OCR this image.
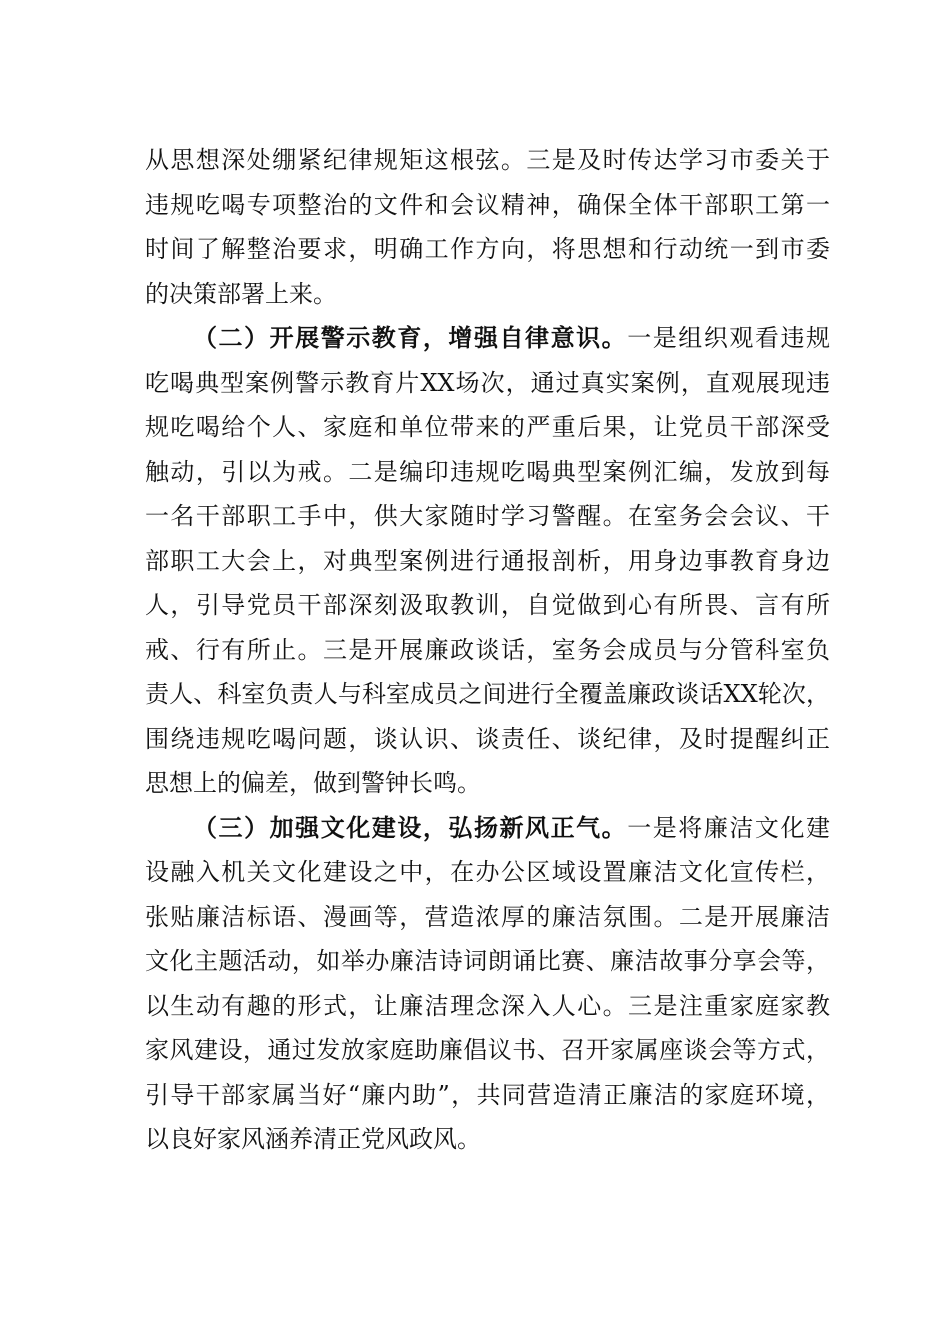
从思想深处绷紧纪律规矩这根弦。三是及时传达学习市委关于
违规吃喝专项整治的文件和会议精神，确保全体干部职工第一
时间了解整治要求，明确工作方向，将思想和行动统一到市委
的决策部署上来。
（二）开展警示教育，增强自律意识。一是组织观看违规
吃喝典型案例警示教育片XX场次，通过真实案例，直观展现违
规吃喝给个人、家庭和单位带来的严重后果，让党员干部深受
触动，引以为戒。二是编印违规吃喝典型案例汇编，发放到每
一名干部职工手中，供大家随时学习警醒。在室务会会议、干
部职工大会上，对典型案例进行通报剖析，用身边事教育身边
人，引导党员干部深刻汲取教训，自觉做到心有所畏、言有所
戒、行有所止。三是开展廉政谈话，室务会成员与分管科室负
责人、科室负责人与科室成员之间进行全覆盖廉政谈话XX轮次，
围绕违规吃喝问题，谈认识、谈责任、谈纪律，及时提醒纠正
思想上的偏差，做到警钟长鸣。
（三）加强文化建设，弘扬新风正气。一是将廉洁文化建
设融入机关文化建设之中，在办公区域设置廉洁文化宣传栏，
张贴廉洁标语、漫画等，营造浓厚的廉洁氛围。二是开展廉洁
文化主题活动，如举办廉洁诗词朗诵比赛、廉洁故事分享会等，
以生动有趣的形式，让廉洁理念深入人心。三是注重家庭家教
家风建设，通过发放家庭助廉倡议书、召开家属座谈会等方式，
引导干部家属当好“廉内助”，共同营造清正廉洁的家庭环境，
以良好家风涵养清正党风政风。
